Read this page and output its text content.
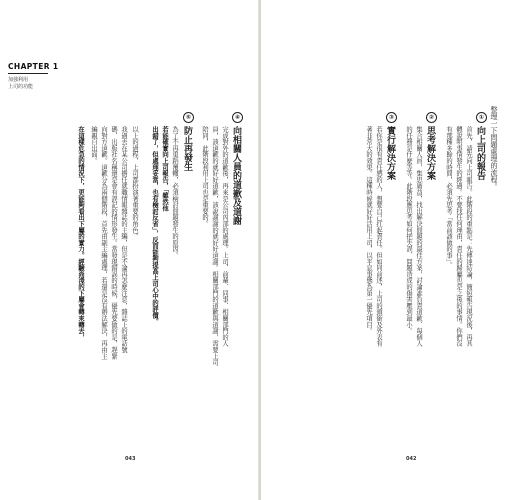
CHAPTER 1
加強利用
上司的功能
④
向相關人員的道歉及道謝
完成對外的道歉後，再來是公司內部的處理。上司、前輩、同事、相關部門的人
員，該道歉的就好好道歉，該說謝謝的就好好道謝。相關部門的道歉與道謝，需要上司
陪同，此階段利用上司也是重要的。
⑤
防止再發生
為了不再重蹈覆轍，必須檢討問題發生的原因。
若能確實向上司報告，「雖然他
出錯了，但處理妥當，也有檢討反省」，反而能夠提高上司心中的評價。
以上的過程，上司都扮演著重要的角色。
我過去在某公司擔任就職情報雜誌的主編，但是不論再怎麼注意，雜誌上的電話號
碼、出版社名稱還是會有誤記的情形發生。當發現錯誤的時候，優先要做的是，趕緊
向對方道歉。道歉分為兩個階段，首先由副主編處理，若還是沒有辦法解決，再由主
編親自出面。
在這樣危急的情況下，更能夠看出下屬的實力。經驗尚淺的下屬會轉來轉去，
043
整理一下問題處理的流程。
①
向上司的報告
首先，請先向上司報告。此階段的重點是：先傳達結論，簡短報告現況後，再具
體說明事情發生的經過。不要找任何理由，責任的歸屬也是之後的事情。你們沒
有那種多餘的時間，必須先思考「當前該做的事」。
②
思考解決方案
集合相關人員，集思廣益，找出解決問題的最佳方案，討論誰負責道歉、每個人
的任務是什麼等等。此階段應思考如何把失誤、問題造成的傷害壓到最小。
③
實行解決方案
若你是很有責任感的人，想要自己扛起責任。但如同前述，上司的頭銜及外表有
著非常大的效果。這種時候就好好活用上司，以平息事態為第一優先項目。
042
